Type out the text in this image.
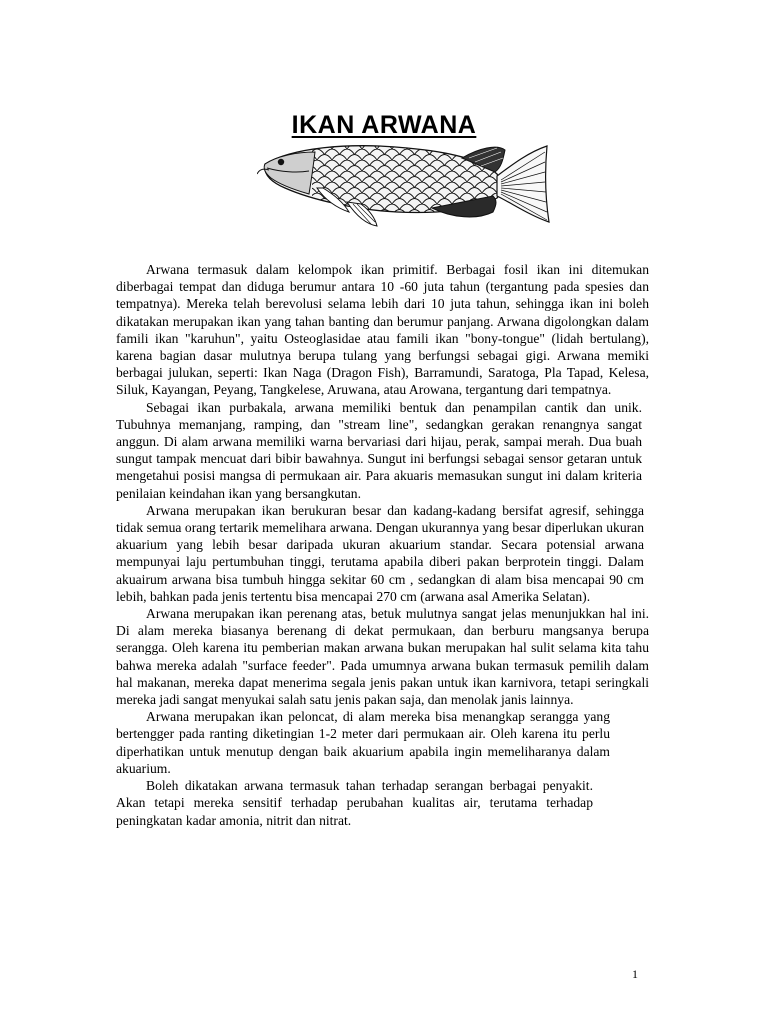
IKAN ARWANA

Arwana termasuk dalam kelompok ikan primitif. Berbagai fosil ikan ini ditemukan diberbagai tempat dan diduga berumur antara 10 -60 juta tahun (tergantung pada spesies dan tempatnya). Mereka telah berevolusi selama lebih dari 10 juta tahun, sehingga ikan ini boleh dikatakan merupakan ikan yang tahan banting dan berumur panjang. Arwana digolongkan dalam famili ikan "karuhun", yaitu Osteoglasidae atau famili ikan "bony-tongue" (lidah bertulang), karena bagian dasar mulutnya berupa tulang yang berfungsi sebagai gigi. Arwana memiki berbagai julukan, seperti: Ikan Naga (Dragon Fish), Barramundi, Saratoga, Pla Tapad, Kelesa, Siluk, Kayangan, Peyang, Tangkelese, Aruwana, atau Arowana, tergantung dari tempatnya.

Sebagai ikan purbakala, arwana memiliki bentuk dan penampilan cantik dan unik. Tubuhnya memanjang, ramping, dan "stream line", sedangkan gerakan renangnya sangat anggun. Di alam arwana memiliki warna bervariasi dari hijau, perak, sampai merah. Dua buah sungut tampak mencuat dari bibir bawahnya. Sungut ini berfungsi sebagai sensor getaran untuk mengetahui posisi mangsa di permukaan air. Para akuaris memasukan sungut ini dalam kriteria penilaian keindahan ikan yang bersangkutan.

Arwana merupakan ikan berukuran besar dan kadang-kadang bersifat agresif, sehingga tidak semua orang tertarik memelihara arwana. Dengan ukurannya yang besar diperlukan ukuran akuarium yang lebih besar daripada ukuran akuarium standar. Secara potensial arwana mempunyai laju pertumbuhan tinggi, terutama apabila diberi pakan berprotein tinggi. Dalam akuairum arwana bisa tumbuh hingga sekitar 60 cm , sedangkan di alam bisa mencapai 90 cm lebih, bahkan pada jenis tertentu bisa mencapai 270 cm (arwana asal Amerika Selatan).

Arwana merupakan ikan perenang atas, betuk mulutnya sangat jelas menunjukkan hal ini. Di alam mereka biasanya berenang di dekat permukaan, dan berburu mangsanya berupa serangga. Oleh karena itu pemberian makan arwana bukan merupakan hal sulit selama kita tahu bahwa mereka adalah "surface feeder". Pada umumnya arwana bukan termasuk pemilih dalam hal makanan, mereka dapat menerima segala jenis pakan untuk ikan karnivora, tetapi seringkali mereka jadi sangat menyukai salah satu jenis pakan saja, dan menolak janis lainnya.

Arwana merupakan ikan peloncat, di alam mereka bisa menangkap serangga yang bertengger pada ranting diketingian 1-2 meter dari permukaan air. Oleh karena itu perlu diperhatikan untuk menutup dengan baik akuarium apabila ingin memeliharanya dalam akuarium.

Boleh dikatakan arwana termasuk tahan terhadap serangan berbagai penyakit. Akan tetapi mereka sensitif terhadap perubahan kualitas air, terutama terhadap peningkatan kadar amonia, nitrit dan nitrat.

1
